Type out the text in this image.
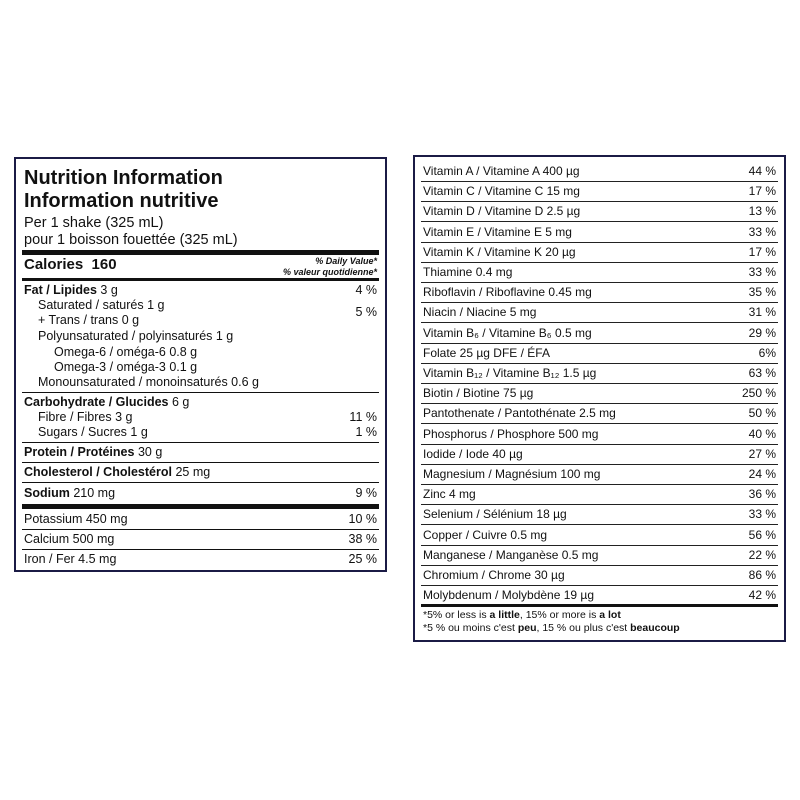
Nutrition Information
Information nutritive
Per 1 shake (325 mL)
pour 1 boisson fouettée (325 mL)
Calories 160	% Daily Value*
% valeur quotidienne*
Fat / Lipides 3 g	4 %
Saturated / saturés 1 g	5 %
+ Trans / trans 0 g
Polyunsaturated / polyinsaturés 1 g
Omega-6 / oméga-6 0.8 g
Omega-3 / oméga-3 0.1 g
Monounsaturated / monoinsaturés 0.6 g
Carbohydrate / Glucides 6 g
Fibre / Fibres 3 g	11 %
Sugars / Sucres 1 g	1 %
Protein / Protéines 30 g
Cholesterol / Cholestérol 25 mg
Sodium 210 mg	9 %
Potassium 450 mg	10 %
Calcium 500 mg	38 %
Iron / Fer 4.5 mg	25 %
Vitamin A / Vitamine A 400 µg	44 %
Vitamin C / Vitamine C 15 mg	17 %
Vitamin D / Vitamine D 2.5 µg	13 %
Vitamin E / Vitamine E 5 mg	33 %
Vitamin K / Vitamine K 20 µg	17 %
Thiamine 0.4 mg	33 %
Riboflavin / Riboflavine 0.45 mg	35 %
Niacin / Niacine 5 mg	31 %
Vitamin B₆ / Vitamine B₆ 0.5 mg	29 %
Folate 25 µg DFE / ÉFA	6%
Vitamin B₁₂ / Vitamine B₁₂ 1.5 µg	63 %
Biotin / Biotine 75 µg	250 %
Pantothenate / Pantothénate 2.5 mg	50 %
Phosphorus / Phosphore 500 mg	40 %
Iodide / Iode 40 µg	27 %
Magnesium / Magnésium 100 mg	24 %
Zinc 4 mg	36 %
Selenium / Sélénium 18 µg	33 %
Copper / Cuivre 0.5 mg	56 %
Manganese / Manganèse 0.5 mg	22 %
Chromium / Chrome 30 µg	86 %
Molybdenum / Molybdène 19 µg	42 %
*5% or less is a little, 15% or more is a lot
*5 % ou moins c'est peu, 15 % ou plus c'est beaucoup
